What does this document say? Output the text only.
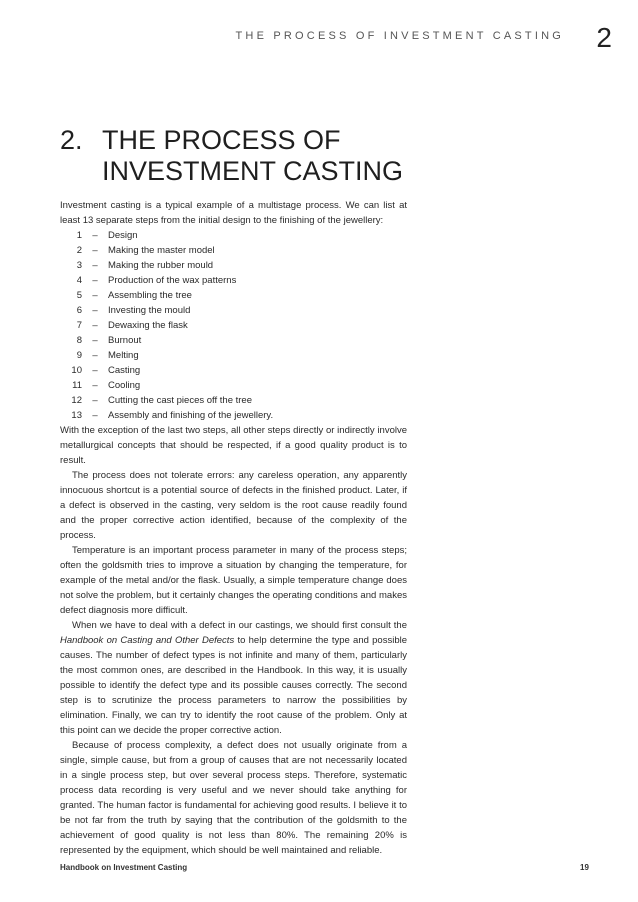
THE PROCESS OF INVESTMENT CASTING 2
2. THE PROCESS OF
INVESTMENT CASTING

Investment casting is a typical example of a multistage process. We can list at least 13 separate steps from the initial design to the finishing of the jewellery:

1	–	Design
2	–	Making the master model
3	–	Making the rubber mould
4	–	Production of the wax patterns
5	–	Assembling the tree
6	–	Investing the mould
7	–	Dewaxing the flask
8	–	Burnout
9	–	Melting
10	–	Casting
11	–	Cooling
12	–	Cutting the cast pieces off the tree
13	–	Assembly and finishing of the jewellery.

With the exception of the last two steps, all other steps directly or indirectly involve metallurgical concepts that should be respected, if a good quality product is to result.

The process does not tolerate errors: any careless operation, any apparently innocuous shortcut is a potential source of defects in the finished product. Later, if a defect is observed in the casting, very seldom is the root cause readily found and the proper corrective action identified, because of the complexity of the process.

Temperature is an important process parameter in many of the process steps; often the goldsmith tries to improve a situation by changing the temperature, for example of the metal and/or the flask. Usually, a simple temperature change does not solve the problem, but it certainly changes the operating conditions and makes defect diagnosis more difficult.

When we have to deal with a defect in our castings, we should first consult the Handbook on Casting and Other Defects to help determine the type and possible causes. The number of defect types is not infinite and many of them, particularly the most common ones, are described in the Handbook. In this way, it is usually possible to identify the defect type and its possible causes correctly. The second step is to scrutinize the process parameters to narrow the possibilities by elimination. Finally, we can try to identify the root cause of the problem. Only at this point can we decide the proper corrective action.

Because of process complexity, a defect does not usually originate from a single, simple cause, but from a group of causes that are not necessarily located in a single process step, but over several process steps. Therefore, systematic process data recording is very useful and we never should take anything for granted. The human factor is fundamental for achieving good results. I believe it to be not far from the truth by saying that the contribution of the goldsmith to the achievement of good quality is not less than 80%. The remaining 20% is represented by the equipment, which should be well maintained and reliable.

Handbook on Investment Casting	19
